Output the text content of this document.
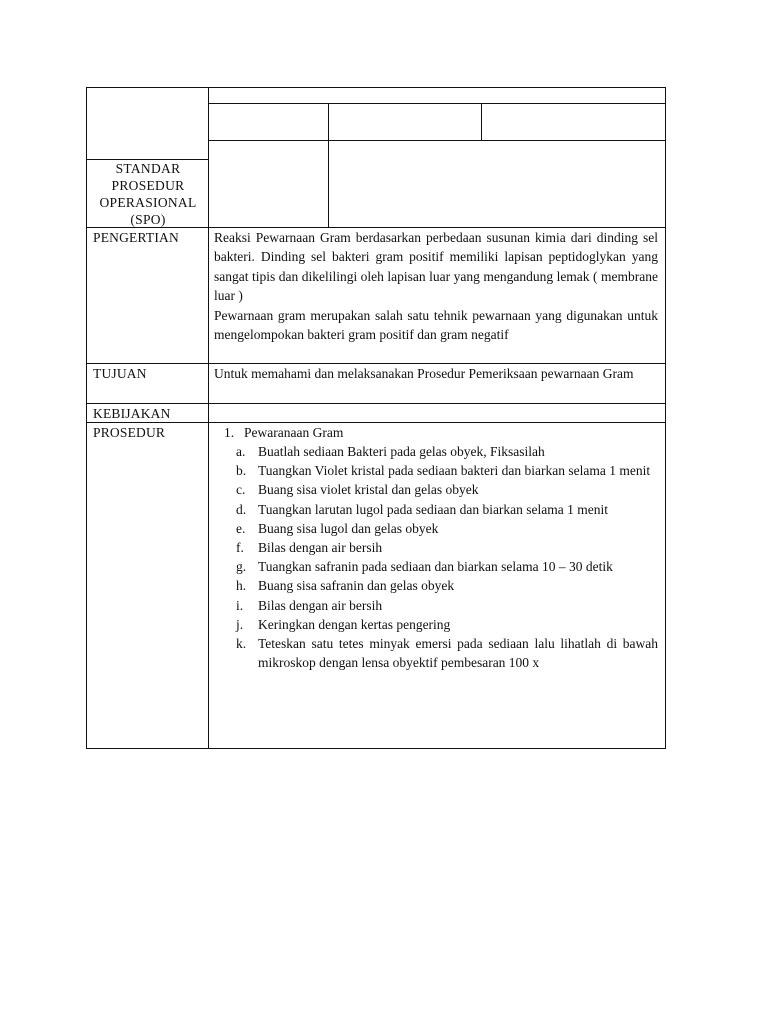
STANDAR
PROSEDUR
OPERASIONAL
(SPO)
PENGERTIAN
TUJUAN
KEBIJAKAN
PROSEDUR

Reaksi Pewarnaan Gram berdasarkan perbedaan susunan kimia dari dinding sel bakteri. Dinding sel bakteri gram positif memiliki lapisan peptidoglykan yang sangat tipis dan dikelilingi oleh lapisan luar yang mengandung lemak ( membrane luar )

Pewarnaan gram merupakan salah satu tehnik pewarnaan yang digunakan untuk mengelompokan bakteri gram positif dan gram negatif

Untuk memahami dan melaksanakan Prosedur Pemeriksaan pewarnaan Gram
1. Pewaranaan Gram
a. Buatlah sediaan Bakteri pada gelas obyek, Fiksasilah
b. Tuangkan Violet kristal pada sediaan bakteri dan biarkan selama 1 menit
c. Buang sisa violet kristal dan gelas obyek
d. Tuangkan larutan lugol pada sediaan dan biarkan selama 1 menit
e. Buang sisa lugol dan gelas obyek
f. Bilas dengan air bersih
g. Tuangkan safranin pada sediaan dan biarkan selama 10 – 30 detik
h. Buang sisa safranin dan gelas obyek
i. Bilas dengan air bersih
j. Keringkan dengan kertas pengering
k. Teteskan satu tetes minyak emersi pada sediaan lalu lihatlah di bawah mikroskop dengan lensa obyektif pembesaran 100 x
